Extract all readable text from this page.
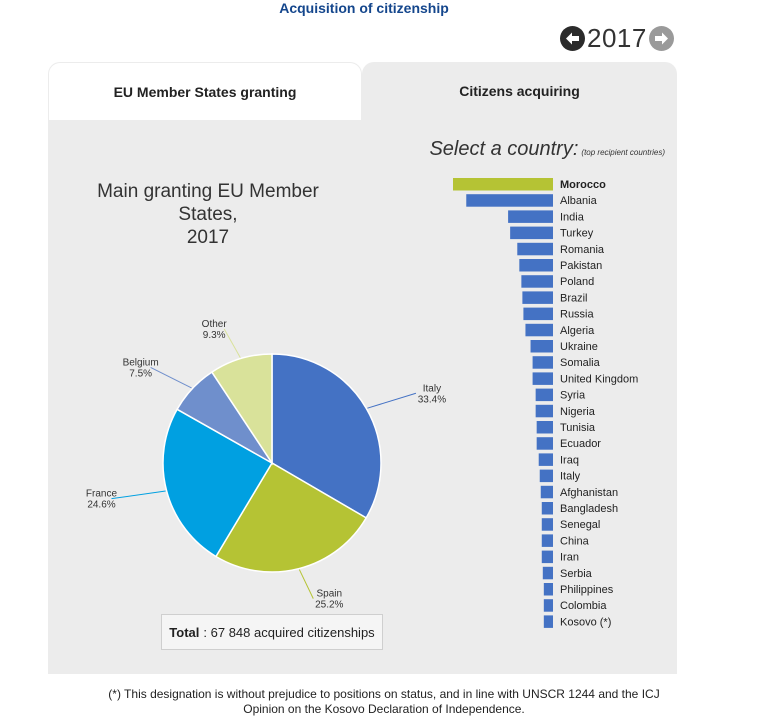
Acquisition of citizenship
2017
EU Member States granting	Citizens acquiring
Main granting EU Member States,
2017
Italy
33.4%
Spain
25.2%
France
24.6%
Belgium
7.5%
Other
9.3%
Total : 67 848 acquired citizenships
Select a country: (top recipient countries)
Morocco
Albania
India
Turkey
Romania
Pakistan
Poland
Brazil
Russia
Algeria
Ukraine
Somalia
United Kingdom
Syria
Nigeria
Tunisia
Ecuador
Iraq
Italy
Afghanistan
Bangladesh
Senegal
China
Iran
Serbia
Philippines
Colombia
Kosovo (*)
(*) This designation is without prejudice to positions on status, and in line with UNSCR 1244 and the ICJ
Opinion on the Kosovo Declaration of Independence.
